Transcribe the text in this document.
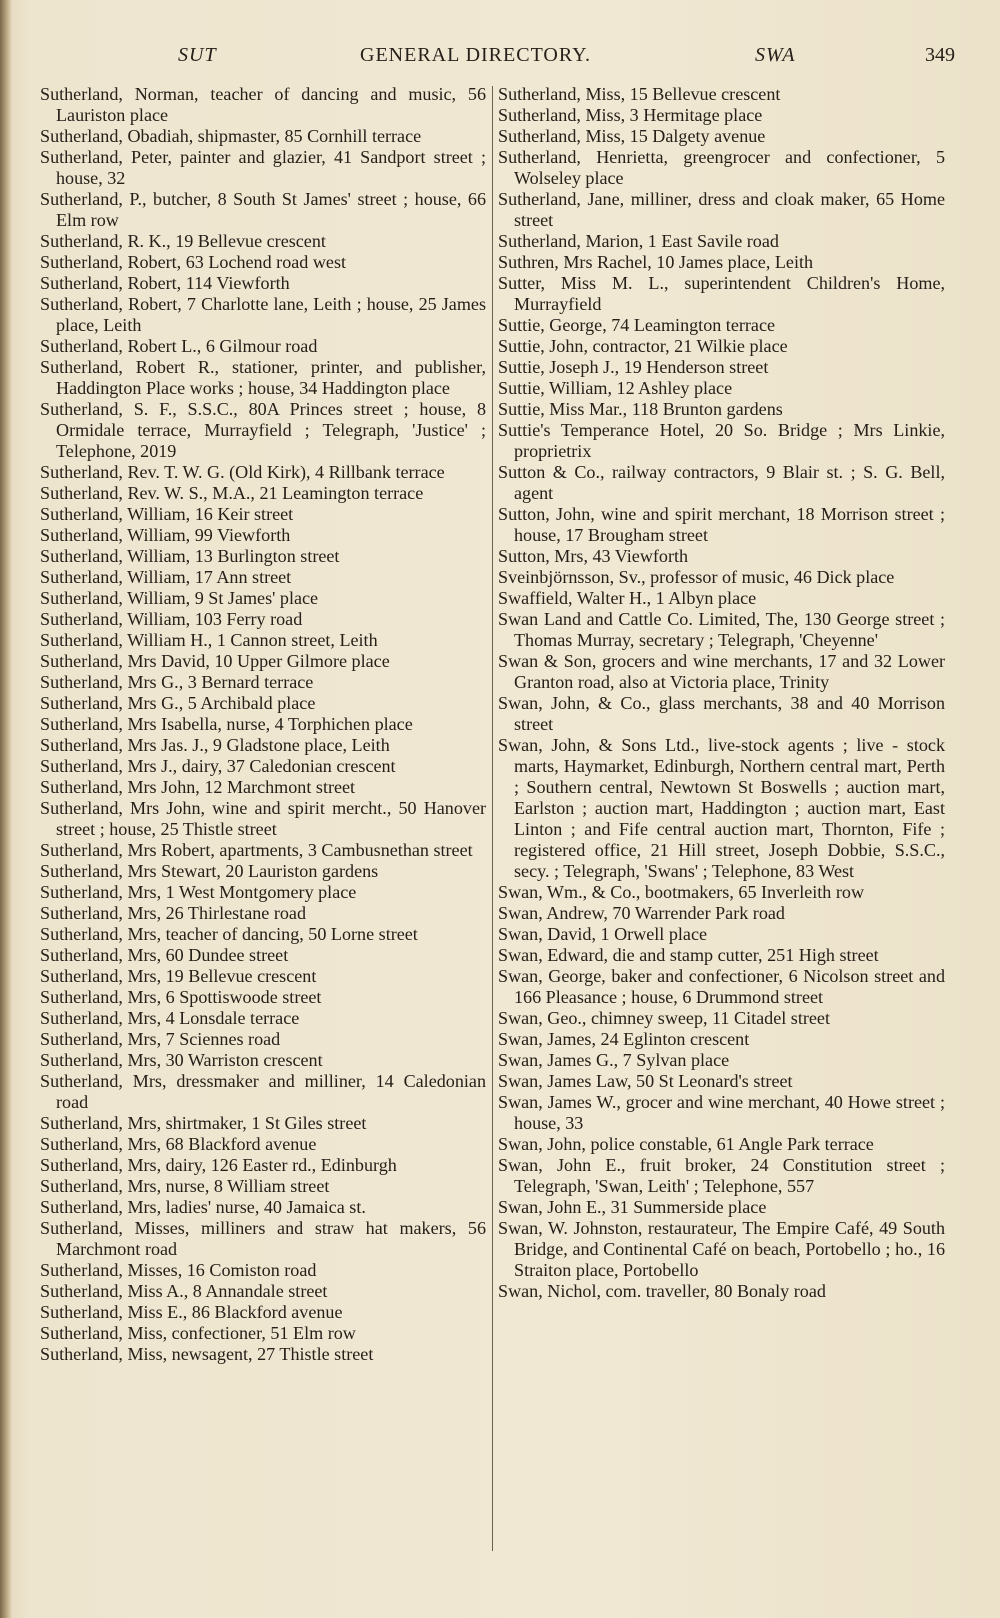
SUT	GENERAL DIRECTORY.	SWA	349

Sutherland, Norman, teacher of dancing and music, 56 Lauriston place

Sutherland, Obadiah, shipmaster, 85 Cornhill terrace

Sutherland, Peter, painter and glazier, 41 Sandport street ; house, 32

Sutherland, P., butcher, 8 South St James' street ; house, 66 Elm row

Sutherland, R. K., 19 Bellevue crescent

Sutherland, Robert, 63 Lochend road west

Sutherland, Robert, 114 Viewforth

Sutherland, Robert, 7 Charlotte lane, Leith ; house, 25 James place, Leith

Sutherland, Robert L., 6 Gilmour road

Sutherland, Robert R., stationer, printer, and publisher, Haddington Place works ; house, 34 Haddington place

Sutherland, S. F., S.S.C., 80A Princes street ; house, 8 Ormidale terrace, Murrayfield ; Telegraph, 'Justice' ; Telephone, 2019

Sutherland, Rev. T. W. G. (Old Kirk), 4 Rillbank terrace

Sutherland, Rev. W. S., M.A., 21 Leamington terrace

Sutherland, William, 16 Keir street

Sutherland, William, 99 Viewforth

Sutherland, William, 13 Burlington street

Sutherland, William, 17 Ann street

Sutherland, William, 9 St James' place

Sutherland, William, 103 Ferry road

Sutherland, William H., 1 Cannon street, Leith

Sutherland, Mrs David, 10 Upper Gilmore place

Sutherland, Mrs G., 3 Bernard terrace

Sutherland, Mrs G., 5 Archibald place

Sutherland, Mrs Isabella, nurse, 4 Torphichen place

Sutherland, Mrs Jas. J., 9 Gladstone place, Leith

Sutherland, Mrs J., dairy, 37 Caledonian crescent

Sutherland, Mrs John, 12 Marchmont street

Sutherland, Mrs John, wine and spirit mercht., 50 Hanover street ; house, 25 Thistle street

Sutherland, Mrs Robert, apartments, 3 Cambusnethan street

Sutherland, Mrs Stewart, 20 Lauriston gardens

Sutherland, Mrs, 1 West Montgomery place

Sutherland, Mrs, 26 Thirlestane road

Sutherland, Mrs, teacher of dancing, 50 Lorne street

Sutherland, Mrs, 60 Dundee street

Sutherland, Mrs, 19 Bellevue crescent

Sutherland, Mrs, 6 Spottiswoode street

Sutherland, Mrs, 4 Lonsdale terrace

Sutherland, Mrs, 7 Sciennes road

Sutherland, Mrs, 30 Warriston crescent

Sutherland, Mrs, dressmaker and milliner, 14 Caledonian road

Sutherland, Mrs, shirtmaker, 1 St Giles street

Sutherland, Mrs, 68 Blackford avenue

Sutherland, Mrs, dairy, 126 Easter rd., Edinburgh

Sutherland, Mrs, nurse, 8 William street

Sutherland, Mrs, ladies' nurse, 40 Jamaica st.

Sutherland, Misses, milliners and straw hat makers, 56 Marchmont road

Sutherland, Misses, 16 Comiston road

Sutherland, Miss A., 8 Annandale street

Sutherland, Miss E., 86 Blackford avenue

Sutherland, Miss, confectioner, 51 Elm row

Sutherland, Miss, newsagent, 27 Thistle street

Sutherland, Miss, 15 Bellevue crescent

Sutherland, Miss, 3 Hermitage place

Sutherland, Miss, 15 Dalgety avenue

Sutherland, Henrietta, greengrocer and confectioner, 5 Wolseley place

Sutherland, Jane, milliner, dress and cloak maker, 65 Home street

Sutherland, Marion, 1 East Savile road

Suthren, Mrs Rachel, 10 James place, Leith

Sutter, Miss M. L., superintendent Children's Home, Murrayfield

Suttie, George, 74 Leamington terrace

Suttie, John, contractor, 21 Wilkie place

Suttie, Joseph J., 19 Henderson street

Suttie, William, 12 Ashley place

Suttie, Miss Mar., 118 Brunton gardens

Suttie's Temperance Hotel, 20 So. Bridge ; Mrs Linkie, proprietrix

Sutton & Co., railway contractors, 9 Blair st. ; S. G. Bell, agent

Sutton, John, wine and spirit merchant, 18 Morrison street ; house, 17 Brougham street

Sutton, Mrs, 43 Viewforth

Sveinbjörnsson, Sv., professor of music, 46 Dick place

Swaffield, Walter H., 1 Albyn place

Swan Land and Cattle Co. Limited, The, 130 George street ; Thomas Murray, secretary ; Telegraph, 'Cheyenne'

Swan & Son, grocers and wine merchants, 17 and 32 Lower Granton road, also at Victoria place, Trinity

Swan, John, & Co., glass merchants, 38 and 40 Morrison street

Swan, John, & Sons Ltd., live-stock agents ; live - stock marts, Haymarket, Edinburgh, Northern central mart, Perth ; Southern central, Newtown St Boswells ; auction mart, Earlston ; auction mart, Haddington ; auction mart, East Linton ; and Fife central auction mart, Thornton, Fife ; registered office, 21 Hill street, Joseph Dobbie, S.S.C., secy. ; Telegraph, 'Swans' ; Telephone, 83 West

Swan, Wm., & Co., bootmakers, 65 Inverleith row

Swan, Andrew, 70 Warrender Park road

Swan, David, 1 Orwell place

Swan, Edward, die and stamp cutter, 251 High street

Swan, George, baker and confectioner, 6 Nicolson street and 166 Pleasance ; house, 6 Drummond street

Swan, Geo., chimney sweep, 11 Citadel street

Swan, James, 24 Eglinton crescent

Swan, James G., 7 Sylvan place

Swan, James Law, 50 St Leonard's street

Swan, James W., grocer and wine merchant, 40 Howe street ; house, 33

Swan, John, police constable, 61 Angle Park terrace

Swan, John E., fruit broker, 24 Constitution street ; Telegraph, 'Swan, Leith' ; Telephone, 557

Swan, John E., 31 Summerside place

Swan, W. Johnston, restaurateur, The Empire Café, 49 South Bridge, and Continental Café on beach, Portobello ; ho., 16 Straiton place, Portobello

Swan, Nichol, com. traveller, 80 Bonaly road
